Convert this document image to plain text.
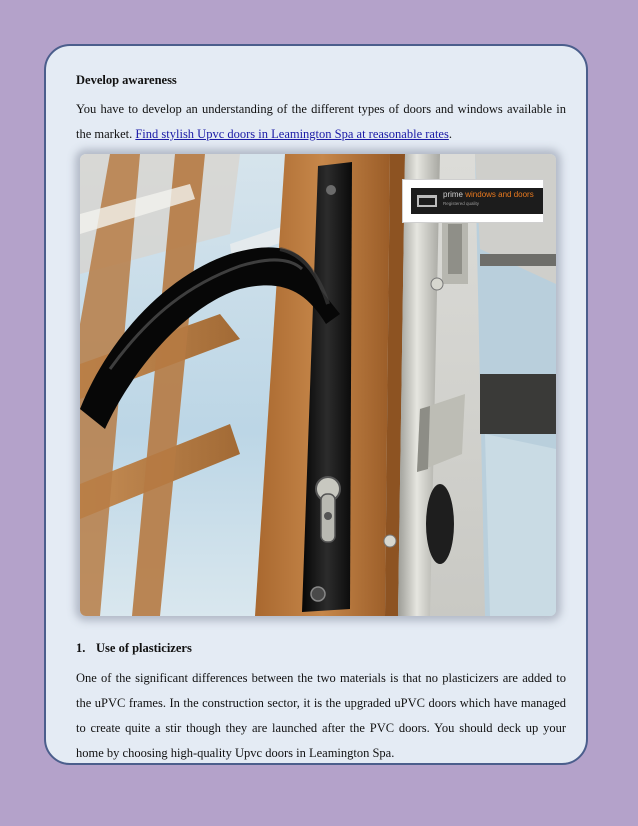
Develop awareness

You have to develop an understanding of the different types of doors and windows available in the market. Find stylish Upvc doors in Leamington Spa at reasonable rates.

prime windows and doors
Registered quality
1. Use of plasticizers

One of the significant differences between the two materials is that no plasticizers are added to the uPVC frames. In the construction sector, it is the upgraded uPVC doors which have managed to create quite a stir though they are launched after the PVC doors. You should deck up your home by choosing high-quality Upvc doors in Leamington Spa.
